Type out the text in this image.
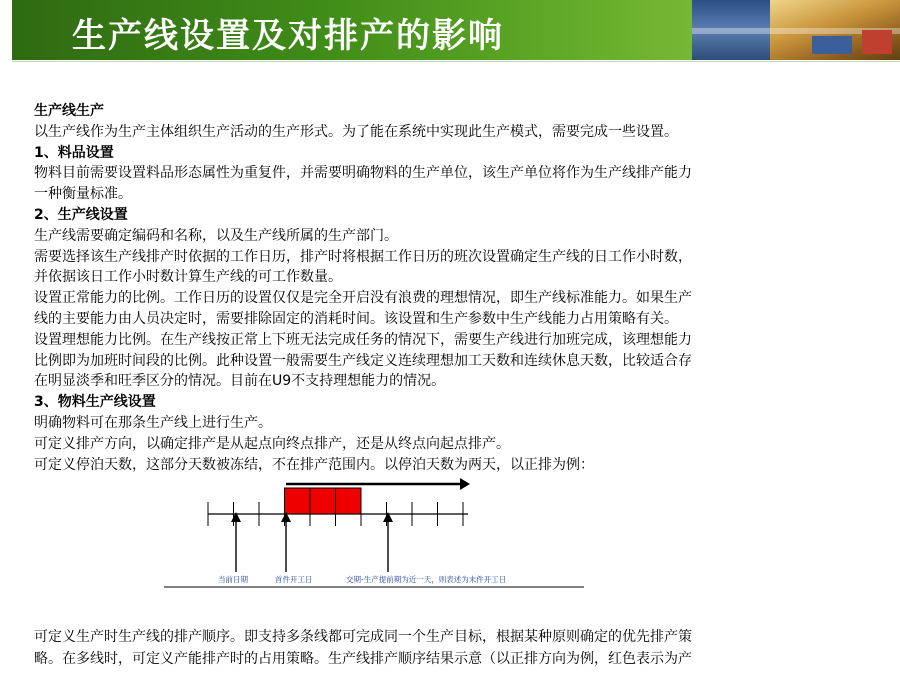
生产线设置及对排产的影响

生产线生产

以生产线作为生产主体组织生产活动的生产形式。为了能在系统中实现此生产模式，需要完成一些设置。

1、料品设置

物料目前需要设置料品形态属性为重复件，并需要明确物料的生产单位，该生产单位将作为生产线排产能力

一种衡量标准。

2、生产线设置

生产线需要确定编码和名称，以及生产线所属的生产部门。

需要选择该生产线排产时依据的工作日历，排产时将根据工作日历的班次设置确定生产线的日工作小时数，

并依据该日工作小时数计算生产线的可工作数量。

设置正常能力的比例。工作日历的设置仅仅是完全开启没有浪费的理想情况，即生产线标准能力。如果生产

线的主要能力由人员决定时，需要排除固定的消耗时间。该设置和生产参数中生产线能力占用策略有关。

设置理想能力比例。在生产线按正常上下班无法完成任务的情况下，需要生产线进行加班完成，该理想能力

比例即为加班时间段的比例。此种设置一般需要生产线定义连续理想加工天数和连续休息天数，比较适合存

在明显淡季和旺季区分的情况。目前在U9不支持理想能力的情况。

3、物料生产线设置

明确物料可在那条生产线上进行生产。

可定义排产方向，以确定排产是从起点向终点排产，还是从终点向起点排产。

可定义停泊天数，这部分天数被冻结，不在排产范围内。以停泊天数为两天，以正排为例：

当前日期	首件开工日	交期-生产提前期为近一天，则表述为末件开工日

可定义生产时生产线的排产顺序。即支持多条线都可完成同一个生产目标，根据某种原则确定的优先排产策

略。在多线时，可定义产能排产时的占用策略。生产线排产顺序结果示意（以正排方向为例，红色表示为产
